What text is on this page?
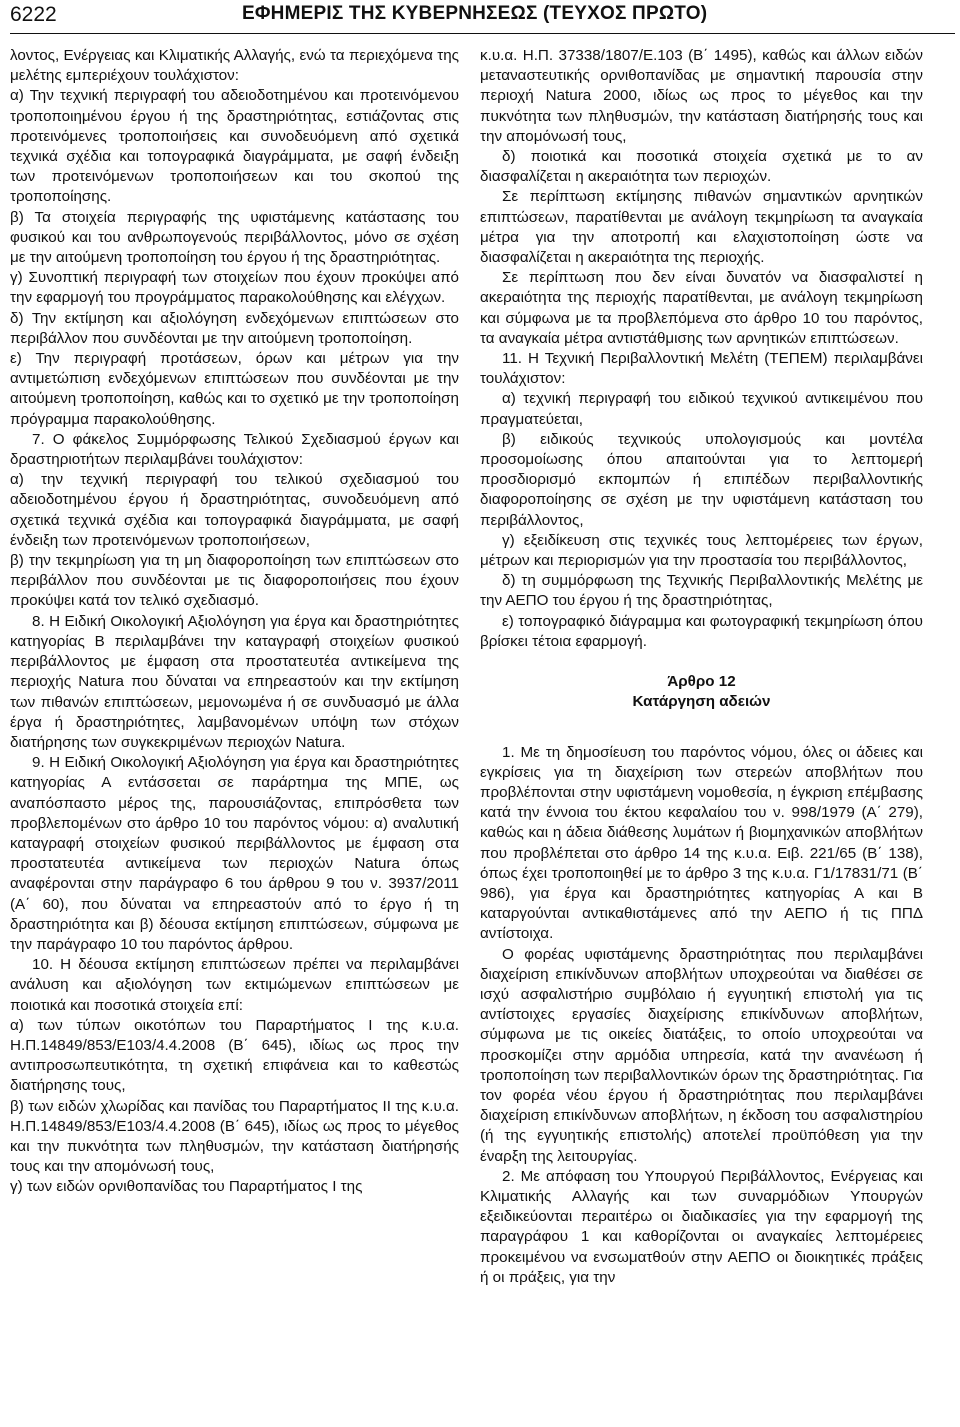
6222	ΕΦΗΜΕΡΙΣ ΤΗΣ ΚΥΒΕΡΝΗΣΕΩΣ (ΤΕΥΧΟΣ ΠΡΩΤΟ)

λοντος, Ενέργειας και Κλιματικής Αλλαγής, ενώ τα περιεχόμενα της μελέτης εμπεριέχουν τουλάχιστον:

α) Την τεχνική περιγραφή του αδειοδοτημένου και προτεινόμενου τροποποιημένου έργου ή της δραστηριότητας, εστιάζοντας στις προτεινόμενες τροποποιήσεις και συνοδευόμενη από σχετικά τεχνικά σχέδια και τοπογραφικά διαγράμματα, με σαφή ένδειξη των προτεινόμενων τροποποιήσεων και του σκοπού της τροποποίησης.

β) Τα στοιχεία περιγραφής της υφιστάμενης κατάστασης του φυσικού και του ανθρωπογενούς περιβάλλοντος, μόνο σε σχέση με την αιτούμενη τροποποίηση του έργου ή της δραστηριότητας.

γ) Συνοπτική περιγραφή των στοιχείων που έχουν προκύψει από την εφαρμογή του προγράμματος παρακολούθησης και ελέγχων.

δ) Την εκτίμηση και αξιολόγηση ενδεχόμενων επιπτώσεων στο περιβάλλον που συνδέονται με την αιτούμενη τροποποίηση.

ε) Την περιγραφή προτάσεων, όρων και μέτρων για την αντιμετώπιση ενδεχόμενων επιπτώσεων που συνδέονται με την αιτούμενη τροποποίηση, καθώς και το σχετικό με την τροποποίηση πρόγραμμα παρακολούθησης.

7. Ο φάκελος Συμμόρφωσης Τελικού Σχεδιασμού έργων και δραστηριοτήτων περιλαμβάνει τουλάχιστον:

α) την τεχνική περιγραφή του τελικού σχεδιασμού του αδειοδοτημένου έργου ή δραστηριότητας, συνοδευόμενη από σχετικά τεχνικά σχέδια και τοπογραφικά διαγράμματα, με σαφή ένδειξη των προτεινόμενων τροποποιήσεων,

β) την τεκμηρίωση για τη μη διαφοροποίηση των επιπτώσεων στο περιβάλλον που συνδέονται με τις διαφοροποιήσεις που έχουν προκύψει κατά τον τελικό σχεδιασμό.

8. Η Ειδική Οικολογική Αξιολόγηση για έργα και δραστηριότητες κατηγορίας Β περιλαμβάνει την καταγραφή στοιχείων φυσικού περιβάλλοντος με έμφαση στα προστατευτέα αντικείμενα της περιοχής Natura που δύναται να επηρεαστούν και την εκτίμηση των πιθανών επιπτώσεων, μεμονωμένα ή σε συνδυασμό με άλλα έργα ή δραστηριότητες, λαμβανομένων υπόψη των στόχων διατήρησης των συγκεκριμένων περιοχών Natura.

9. Η Ειδική Οικολογική Αξιολόγηση για έργα και δραστηριότητες κατηγορίας Α εντάσσεται σε παράρτημα της ΜΠΕ, ως αναπόσπαστο μέρος της, παρουσιάζοντας, επιπρόσθετα των προβλεπομένων στο άρθρο 10 του παρόντος νόμου: α) αναλυτική καταγραφή στοιχείων φυσικού περιβάλλοντος με έμφαση στα προστατευτέα αντικείμενα των περιοχών Natura όπως αναφέρονται στην παράγραφο 6 του άρθρου 9 του ν. 3937/2011 (Α΄ 60), που δύναται να επηρεαστούν από το έργο ή τη δραστηριότητα και β) δέουσα εκτίμηση επιπτώσεων, σύμφωνα με την παράγραφο 10 του παρόντος άρθρου.

10. Η δέουσα εκτίμηση επιπτώσεων πρέπει να περιλαμβάνει ανάλυση και αξιολόγηση των εκτιμώμενων επιπτώσεων με ποιοτικά και ποσοτικά στοιχεία επί:

α) των τύπων οικοτόπων του Παραρτήματος Ι της κ.υ.α. Η.Π.14849/853/Ε103/4.4.2008 (Β΄ 645), ιδίως ως προς την αντιπροσωπευτικότητα, τη σχετική επιφάνεια και το καθεστώς διατήρησης τους,

β) των ειδών χλωρίδας και πανίδας του Παραρτήματος ΙΙ της κ.υ.α. Η.Π.14849/853/Ε103/4.4.2008 (Β΄ 645), ιδίως ως προς το μέγεθος και την πυκνότητα των πληθυσμών, την κατάσταση διατήρησής τους και την απομόνωσή τους,

γ) των ειδών ορνιθοπανίδας του Παραρτήματος Ι της

κ.υ.α. Η.Π. 37338/1807/Ε.103 (Β΄ 1495), καθώς και άλλων ειδών μεταναστευτικής ορνιθοπανίδας με σημαντική παρουσία στην περιοχή Natura 2000, ιδίως ως προς το μέγεθος και την πυκνότητα των πληθυσμών, την κατάσταση διατήρησής τους και την απομόνωσή τους,

δ) ποιοτικά και ποσοτικά στοιχεία σχετικά με το αν διασφαλίζεται η ακεραιότητα των περιοχών.

Σε περίπτωση εκτίμησης πιθανών σημαντικών αρνητικών επιπτώσεων, παρατίθενται με ανάλογη τεκμηρίωση τα αναγκαία μέτρα για την αποτροπή και ελαχιστοποίηση ώστε να διασφαλίζεται η ακεραιότητα της περιοχής.

Σε περίπτωση που δεν είναι δυνατόν να διασφαλιστεί η ακεραιότητα της περιοχής παρατίθενται, με ανάλογη τεκμηρίωση και σύμφωνα με τα προβλεπόμενα στο άρθρο 10 του παρόντος, τα αναγκαία μέτρα αντιστάθμισης των αρνητικών επιπτώσεων.

11. Η Τεχνική Περιβαλλοντική Μελέτη (ΤΕΠΕΜ) περιλαμβάνει τουλάχιστον:

α) τεχνική περιγραφή του ειδικού τεχνικού αντικειμένου που πραγματεύεται,

β) ειδικούς τεχνικούς υπολογισμούς και μοντέλα προσομοίωσης όπου απαιτούνται για το λεπτομερή προσδιορισμό εκπομπών ή επιπέδων περιβαλλοντικής διαφοροποίησης σε σχέση με την υφιστάμενη κατάσταση του περιβάλλοντος,

γ) εξειδίκευση στις τεχνικές τους λεπτομέρειες των έργων, μέτρων και περιορισμών για την προστασία του περιβάλλοντος,

δ) τη συμμόρφωση της Τεχνικής Περιβαλλοντικής Μελέτης με την ΑΕΠΟ του έργου ή της δραστηριότητας,

ε) τοπογραφικό διάγραμμα και φωτογραφική τεκμηρίωση όπου βρίσκει τέτοια εφαρμογή.

Άρθρο 12

Κατάργηση αδειών

1. Με τη δημοσίευση του παρόντος νόμου, όλες οι άδειες και εγκρίσεις για τη διαχείριση των στερεών αποβλήτων που προβλέπονται στην υφιστάμενη νομοθεσία, η έγκριση επέμβασης κατά την έννοια του έκτου κεφαλαίου του ν. 998/1979 (Α΄ 279), καθώς και η άδεια διάθεσης λυμάτων ή βιομηχανικών αποβλήτων που προβλέπεται στο άρθρο 14 της κ.υ.α. Ειβ. 221/65 (Β΄ 138), όπως έχει τροποποιηθεί με το άρθρο 3 της κ.υ.α. Γ1/17831/71 (Β΄ 986), για έργα και δραστηριότητες κατηγορίας Α και Β καταργούνται αντικαθιστάμενες από την ΑΕΠΟ ή τις ΠΠΔ αντίστοιχα.

Ο φορέας υφιστάμενης δραστηριότητας που περιλαμβάνει διαχείριση επικίνδυνων αποβλήτων υποχρεούται να διαθέσει σε ισχύ ασφαλιστήριο συμβόλαιο ή εγγυητική επιστολή για τις αντίστοιχες εργασίες διαχείρισης επικίνδυνων αποβλήτων, σύμφωνα με τις οικείες διατάξεις, το οποίο υποχρεούται να προσκομίζει στην αρμόδια υπηρεσία, κατά την ανανέωση ή τροποποίηση των περιβαλλοντικών όρων της δραστηριότητας. Για τον φορέα νέου έργου ή δραστηριότητας που περιλαμβάνει διαχείριση επικίνδυνων αποβλήτων, η έκδοση του ασφαλιστηρίου (ή της εγγυητικής επιστολής) αποτελεί προϋπόθεση για την έναρξη της λειτουργίας.

2. Με απόφαση του Υπουργού Περιβάλλοντος, Ενέργειας και Κλιματικής Αλλαγής και των συναρμόδιων Υπουργών εξειδικεύονται περαιτέρω οι διαδικασίες για την εφαρμογή της παραγράφου 1 και καθορίζονται οι αναγκαίες λεπτομέρειες προκειμένου να ενσωματθούν στην ΑΕΠΟ οι διοικητικές πράξεις ή οι πράξεις, για την
